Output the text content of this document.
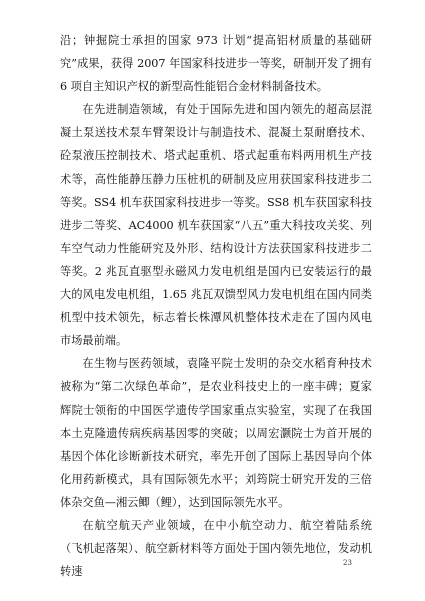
沿；钟掘院士承担的国家 973 计划“提高铝材质量的基础研究”成果，获得 2007 年国家科技进步一等奖，研制开发了拥有 6 项自主知识产权的新型高性能铝合金材料制备技术。

在先进制造领域，有处于国际先进和国内领先的超高层混凝土泵送技术泵车臂架设计与制造技术、混凝土泵耐磨技术、砼泵液压控制技术、塔式起重机、塔式起重布料两用机生产技术等，高性能静压静力压桩机的研制及应用获国家科技进步二等奖。SS4 机车获国家科技进步一等奖。SS8 机车获国家科技进步二等奖、AC4000 机车获国家“八五”重大科技攻关奖、列车空气动力性能研究及外形、结构设计方法获国家科技进步二等奖。2 兆瓦直驱型永磁风力发电机组是国内已安装运行的最大的风电发电机组，1.65 兆瓦双馈型风力发电机组在国内同类机型中技术领先，标志着长株潭风机整体技术走在了国内风电市场最前端。

在生物与医药领域，袁隆平院士发明的杂交水稻育种技术被称为“第二次绿色革命”，是农业科技史上的一座丰碑；夏家辉院士领衔的中国医学遗传学国家重点实验室，实现了在我国本土克隆遗传病疾病基因零的突破；以周宏灏院士为首开展的基因个体化诊断新技术研究，率先开创了国际上基因导向个体化用药新模式，具有国际领先水平；刘筠院士研究开发的三倍体杂交鱼—湘云鲫（鲤），达到国际领先水平。

在航空航天产业领域，在中小航空动力、航空着陆系统（飞机起落架）、航空新材料等方面处于国内领先地位，发动机转速

23
